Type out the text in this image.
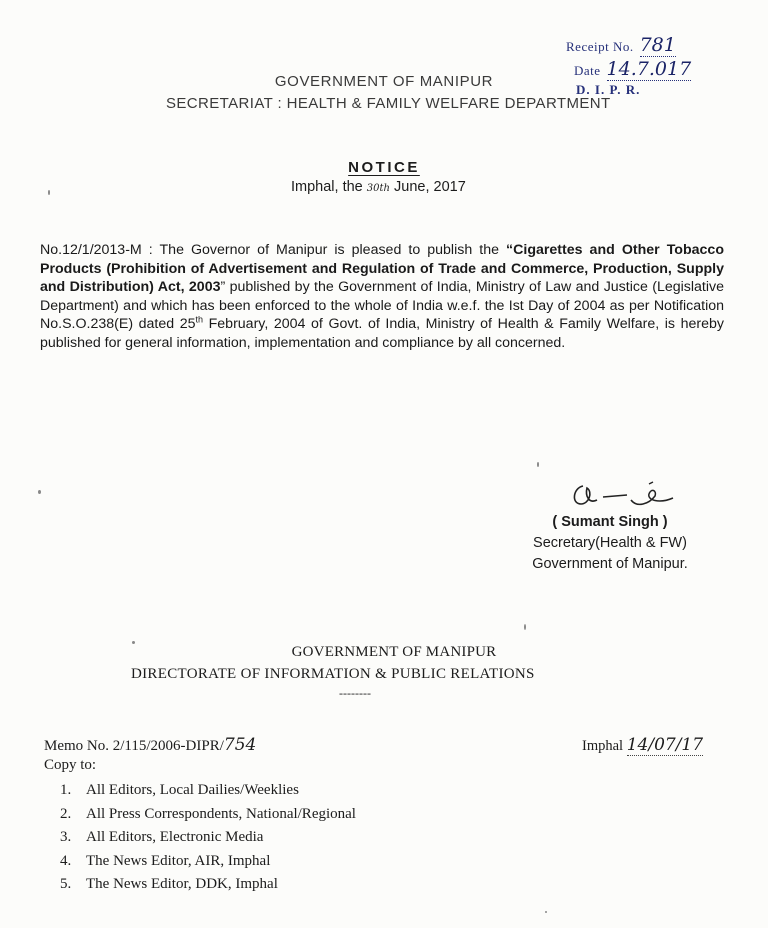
Receipt No. 781
Date 14.7.017
D. I. P. R.
GOVERNMENT OF MANIPUR
SECRETARIAT : HEALTH & FAMILY WELFARE DEPARTMENT
NOTICE
Imphal, the 30th June, 2017
No.12/1/2013-M : The Governor of Manipur is pleased to publish the “Cigarettes and Other Tobacco Products (Prohibition of Advertisement and Regulation of Trade and Commerce, Production, Supply and Distribution) Act, 2003” published by the Government of India, Ministry of Law and Justice (Legislative Department) and which has been enforced to the whole of India w.e.f. the Ist Day of 2004 as per Notification No.S.O.238(E) dated 25th February, 2004 of Govt. of India, Ministry of Health & Family Welfare, is hereby published for general information, implementation and compliance by all concerned.
( Sumant Singh )
Secretary(Health & FW)
Government of Manipur.
GOVERNMENT OF MANIPUR
DIRECTORATE OF INFORMATION & PUBLIC RELATIONS
--------
Memo No. 2/115/2006-DIPR/754	Imphal 14/07/17
Copy to:
1. All Editors, Local Dailies/Weeklies
2. All Press Correspondents, National/Regional
3. All Editors, Electronic Media
4. The News Editor, AIR, Imphal
5. The News Editor, DDK, Imphal
